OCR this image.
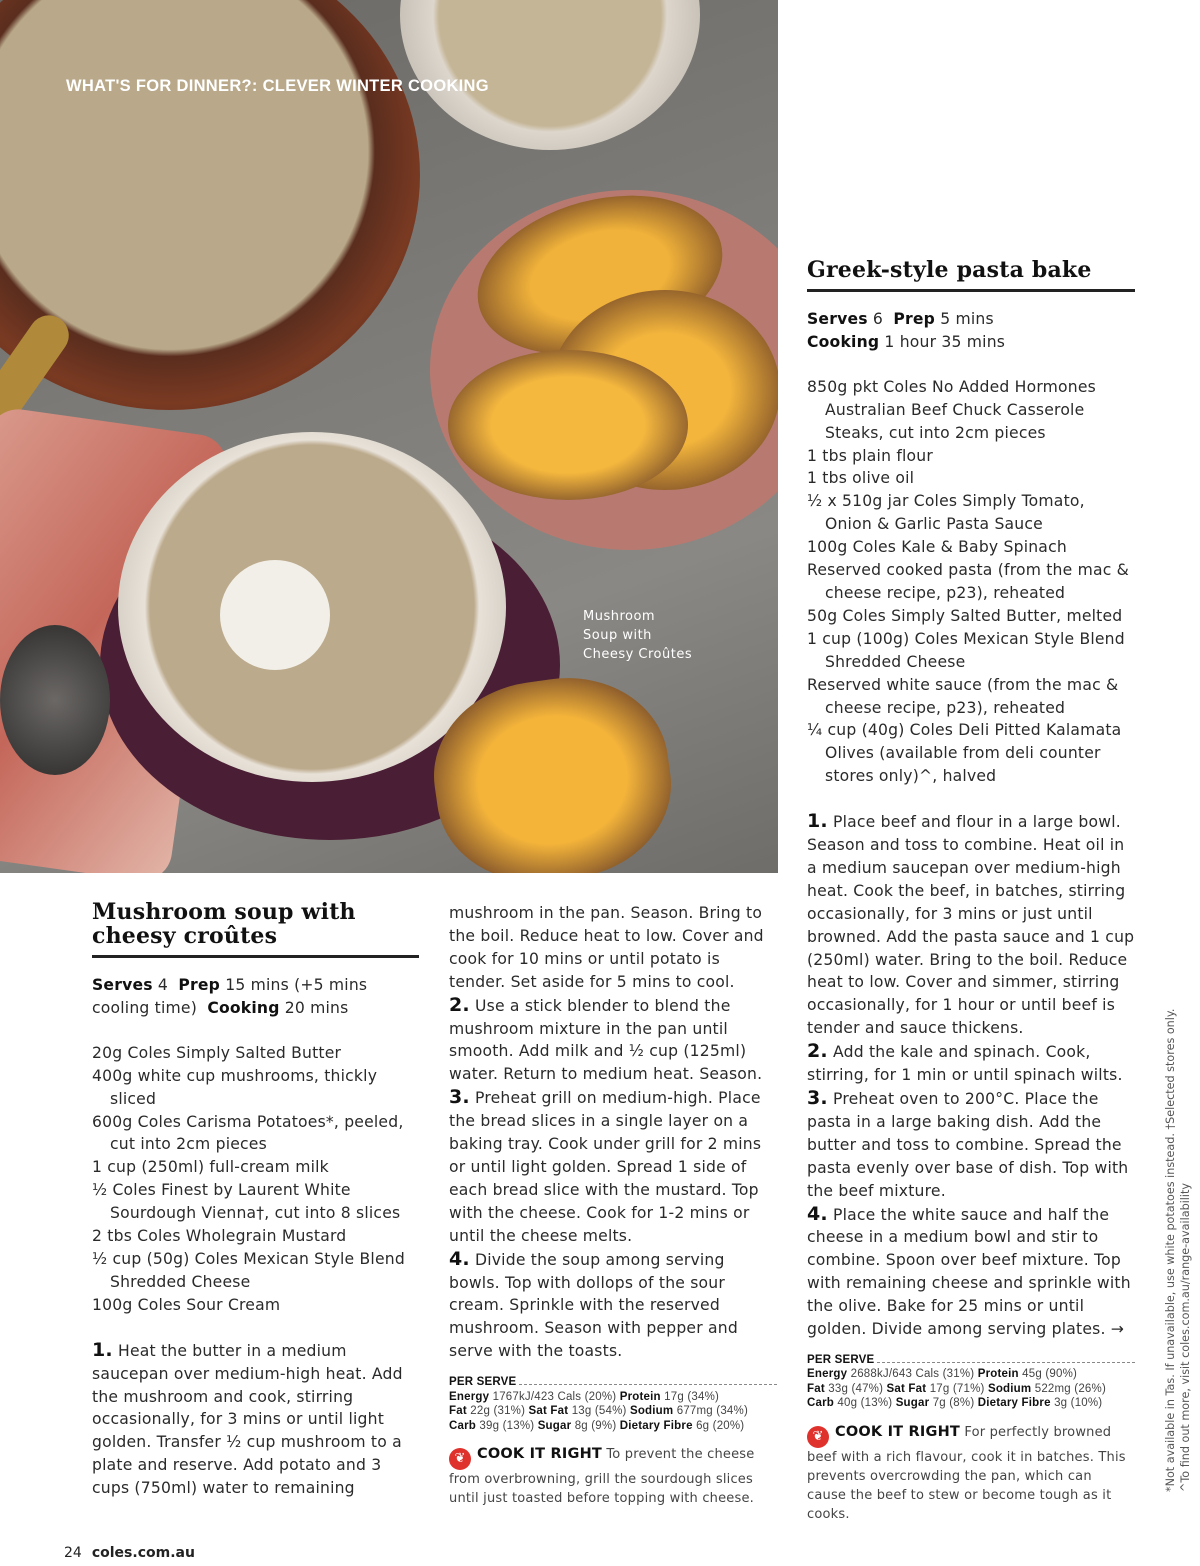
WHAT'S FOR DINNER?: CLEVER WINTER COOKING
Mushroom
Soup with
Cheesy Croûtes
Mushroom soup with
cheesy croûtes
Serves 4 Prep 15 mins (+5 mins
cooling time) Cooking 20 mins
20g Coles Simply Salted Butter
400g white cup mushrooms, thickly sliced
600g Coles Carisma Potatoes*, peeled, cut into 2cm pieces
1 cup (250ml) full-cream milk
½ Coles Finest by Laurent White Sourdough Vienna†, cut into 8 slices
2 tbs Coles Wholegrain Mustard
½ cup (50g) Coles Mexican Style Blend Shredded Cheese
100g Coles Sour Cream
1. Heat the butter in a medium saucepan over medium-high heat. Add the mushroom and cook, stirring occasionally, for 3 mins or until light golden. Transfer ½ cup mushroom to a plate and reserve. Add potato and 3 cups (750ml) water to remaining
mushroom in the pan. Season. Bring to the boil. Reduce heat to low. Cover and cook for 10 mins or until potato is tender. Set aside for 5 mins to cool.
2. Use a stick blender to blend the mushroom mixture in the pan until smooth. Add milk and ½ cup (125ml) water. Return to medium heat. Season.
3. Preheat grill on medium-high. Place the bread slices in a single layer on a baking tray. Cook under grill for 2 mins or until light golden. Spread 1 side of each bread slice with the mustard. Top with the cheese. Cook for 1-2 mins or until the cheese melts.
4. Divide the soup among serving bowls. Top with dollops of the sour cream. Sprinkle with the reserved mushroom. Season with pepper and serve with the toasts.
PER SERVE
Energy 1767kJ/423 Cals (20%) Protein 17g (34%)
Fat 22g (31%) Sat Fat 13g (54%) Sodium 677mg (34%)
Carb 39g (13%) Sugar 8g (9%) Dietary Fibre 6g (20%)
❦ COOK IT RIGHT To prevent the cheese from overbrowning, grill the sourdough slices until just toasted before topping with cheese.
Greek-style pasta bake
Serves 6 Prep 5 mins
Cooking 1 hour 35 mins
850g pkt Coles No Added Hormones Australian Beef Chuck Casserole Steaks, cut into 2cm pieces
1 tbs plain flour
1 tbs olive oil
½ x 510g jar Coles Simply Tomato, Onion & Garlic Pasta Sauce
100g Coles Kale & Baby Spinach
Reserved cooked pasta (from the mac & cheese recipe, p23), reheated
50g Coles Simply Salted Butter, melted
1 cup (100g) Coles Mexican Style Blend Shredded Cheese
Reserved white sauce (from the mac & cheese recipe, p23), reheated
¼ cup (40g) Coles Deli Pitted Kalamata Olives (available from deli counter stores only)^, halved
1. Place beef and flour in a large bowl. Season and toss to combine. Heat oil in a medium saucepan over medium-high heat. Cook the beef, in batches, stirring occasionally, for 3 mins or just until browned. Add the pasta sauce and 1 cup (250ml) water. Bring to the boil. Reduce heat to low. Cover and simmer, stirring occasionally, for 1 hour or until beef is tender and sauce thickens.
2. Add the kale and spinach. Cook, stirring, for 1 min or until spinach wilts.
3. Preheat oven to 200°C. Place the pasta in a large baking dish. Add the butter and toss to combine. Spread the pasta evenly over base of dish. Top with the beef mixture.
4. Place the white sauce and half the cheese in a medium bowl and stir to combine. Spoon over beef mixture. Top with remaining cheese and sprinkle with the olive. Bake for 25 mins or until golden. Divide among serving plates. →
PER SERVE
Energy 2688kJ/643 Cals (31%) Protein 45g (90%)
Fat 33g (47%) Sat Fat 17g (71%) Sodium 522mg (26%)
Carb 40g (13%) Sugar 7g (8%) Dietary Fibre 3g (10%)
❦ COOK IT RIGHT For perfectly browned beef with a rich flavour, cook it in batches. This prevents overcrowding the pan, which can cause the beef to stew or become tough as it cooks.
*Not available in Tas. If unavailable, use white potatoes instead. †Selected stores only. ^To find out more, visit coles.com.au/range-availability
24 coles.com.au
